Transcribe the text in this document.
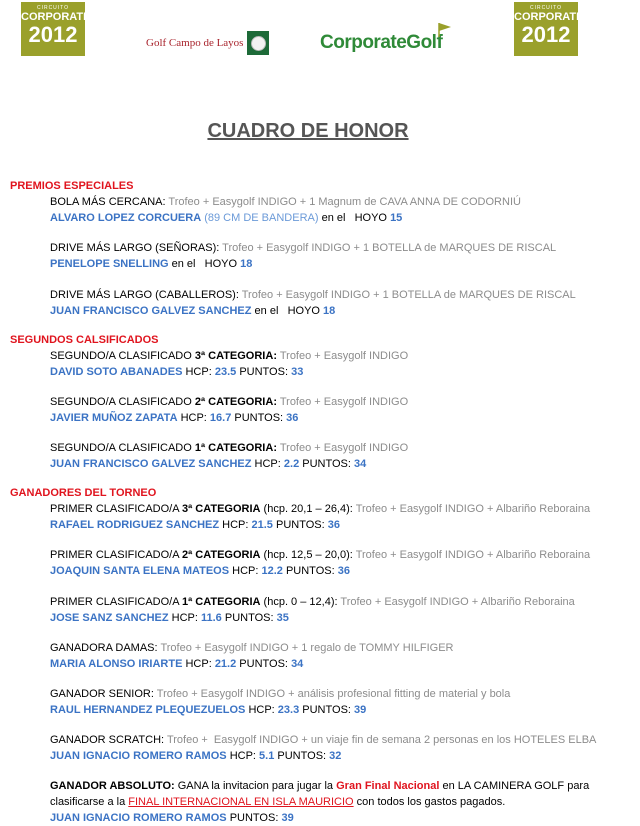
CIRCUITO
CORPORATE
2012	Golf Campo de Layos	CorporateGolf
CIRCUITO
CORPORATE
2012
CUADRO DE HONOR
PREMIOS ESPECIALES
BOLA MÁS CERCANA: Trofeo + Easygolf INDIGO + 1 Magnum de CAVA ANNA DE CODORNIÚ
ALVARO LOPEZ CORCUERA (89 CM DE BANDERA) en el   HOYO 15
DRIVE MÁS LARGO (SEÑORAS): Trofeo + Easygolf INDIGO + 1 BOTELLA de MARQUES DE RISCAL
PENELOPE SNELLING en el   HOYO 18
DRIVE MÁS LARGO (CABALLEROS): Trofeo + Easygolf INDIGO + 1 BOTELLA de MARQUES DE RISCAL
JUAN FRANCISCO GALVEZ SANCHEZ en el   HOYO 18
SEGUNDOS CALSIFICADOS
SEGUNDO/A CLASIFICADO 3ª CATEGORIA: Trofeo + Easygolf INDIGO
DAVID SOTO ABANADES HCP: 23.5 PUNTOS: 33
SEGUNDO/A CLASIFICADO 2ª CATEGORIA: Trofeo + Easygolf INDIGO
JAVIER MUÑOZ ZAPATA HCP: 16.7 PUNTOS: 36
SEGUNDO/A CLASIFICADO 1ª CATEGORIA: Trofeo + Easygolf INDIGO
JUAN FRANCISCO GALVEZ SANCHEZ HCP: 2.2 PUNTOS: 34
GANADORES DEL TORNEO
PRIMER CLASIFICADO/A 3ª CATEGORIA (hcp. 20,1 – 26,4): Trofeo + Easygolf INDIGO + Albariño Reboraina
RAFAEL RODRIGUEZ SANCHEZ HCP: 21.5 PUNTOS: 36
PRIMER CLASIFICADO/A 2ª CATEGORIA (hcp. 12,5 – 20,0): Trofeo + Easygolf INDIGO + Albariño Reboraina
JOAQUIN SANTA ELENA MATEOS HCP: 12.2 PUNTOS: 36
PRIMER CLASIFICADO/A 1ª CATEGORIA (hcp. 0 – 12,4): Trofeo + Easygolf INDIGO + Albariño Reboraina
JOSE SANZ SANCHEZ HCP: 11.6 PUNTOS: 35
GANADORA DAMAS: Trofeo + Easygolf INDIGO + 1 regalo de TOMMY HILFIGER
MARIA ALONSO IRIARTE HCP: 21.2 PUNTOS: 34
GANADOR SENIOR: Trofeo + Easygolf INDIGO + análisis profesional fitting de material y bola
RAUL HERNANDEZ PLEQUEZUELOS HCP: 23.3 PUNTOS: 39
GANADOR SCRATCH: Trofeo +  Easygolf INDIGO + un viaje fin de semana 2 personas en los HOTELES ELBA
JUAN IGNACIO ROMERO RAMOS HCP: 5.1 PUNTOS: 32
GANADOR ABSOLUTO: GANA la invitacion para jugar la Gran Final Nacional en LA CAMINERA GOLF para
clasificarse a la FINAL INTERNACIONAL EN ISLA MAURICIO con todos los gastos pagados.
JUAN IGNACIO ROMERO RAMOS PUNTOS: 39
